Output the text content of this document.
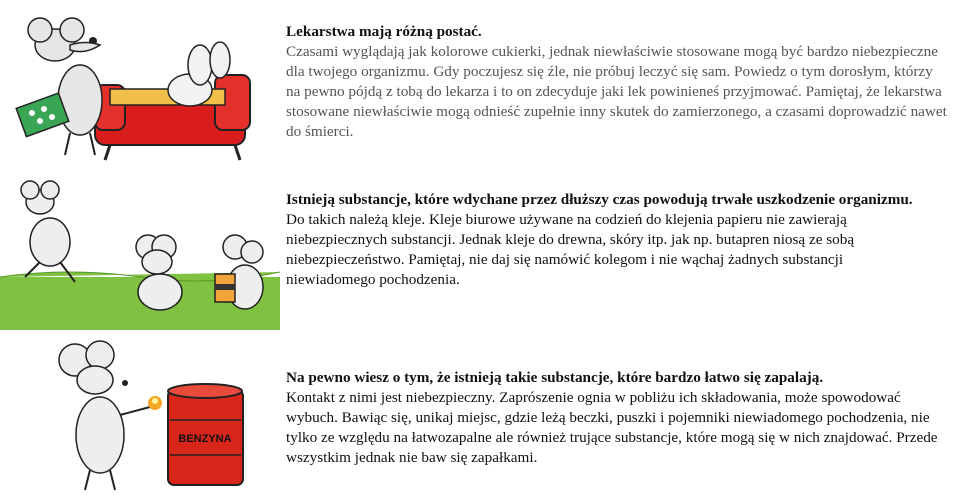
Lekarstwa mają różną postać.
Czasami wyglądają jak kolorowe cukierki, jednak niewłaściwie stosowane mogą być bardzo niebezpieczne dla twojego organizmu. Gdy poczujesz się źle, nie próbuj leczyć się sam. Powiedz o tym dorosłym, którzy na pewno pójdą z tobą do lekarza i to on zdecyduje jaki lek powinieneś przyjmować. Pamiętaj, że lekarstwa stosowane niewłaściwie mogą odnieść zupełnie inny skutek do zamierzonego, a czasami doprowadzić nawet do śmierci.
Istnieją substancje, które wdychane przez dłuższy czas powodują trwałe uszkodzenie organizmu.
Do takich należą kleje. Kleje biurowe używane na codzień do klejenia papieru nie zawierają niebezpiecznych substancji. Jednak kleje do drewna, skóry itp. jak np. butapren niosą ze sobą niebezpieczeństwo. Pamiętaj, nie daj się namówić kolegom i nie wąchaj żadnych substancji niewiadomego pochodzenia.
BENZYNA
Na pewno wiesz o tym, że istnieją takie substancje, które bardzo łatwo się zapalają.
Kontakt z nimi jest niebezpieczny. Zaprószenie ognia w pobliżu ich składowania, może spowodować wybuch. Bawiąc się, unikaj miejsc, gdzie leżą beczki, puszki i pojemniki niewiadomego pochodzenia, nie tylko ze względu na łatwozapalne ale również trujące substancje, które mogą się w nich znajdować. Przede wszystkim jednak nie baw się zapałkami.
